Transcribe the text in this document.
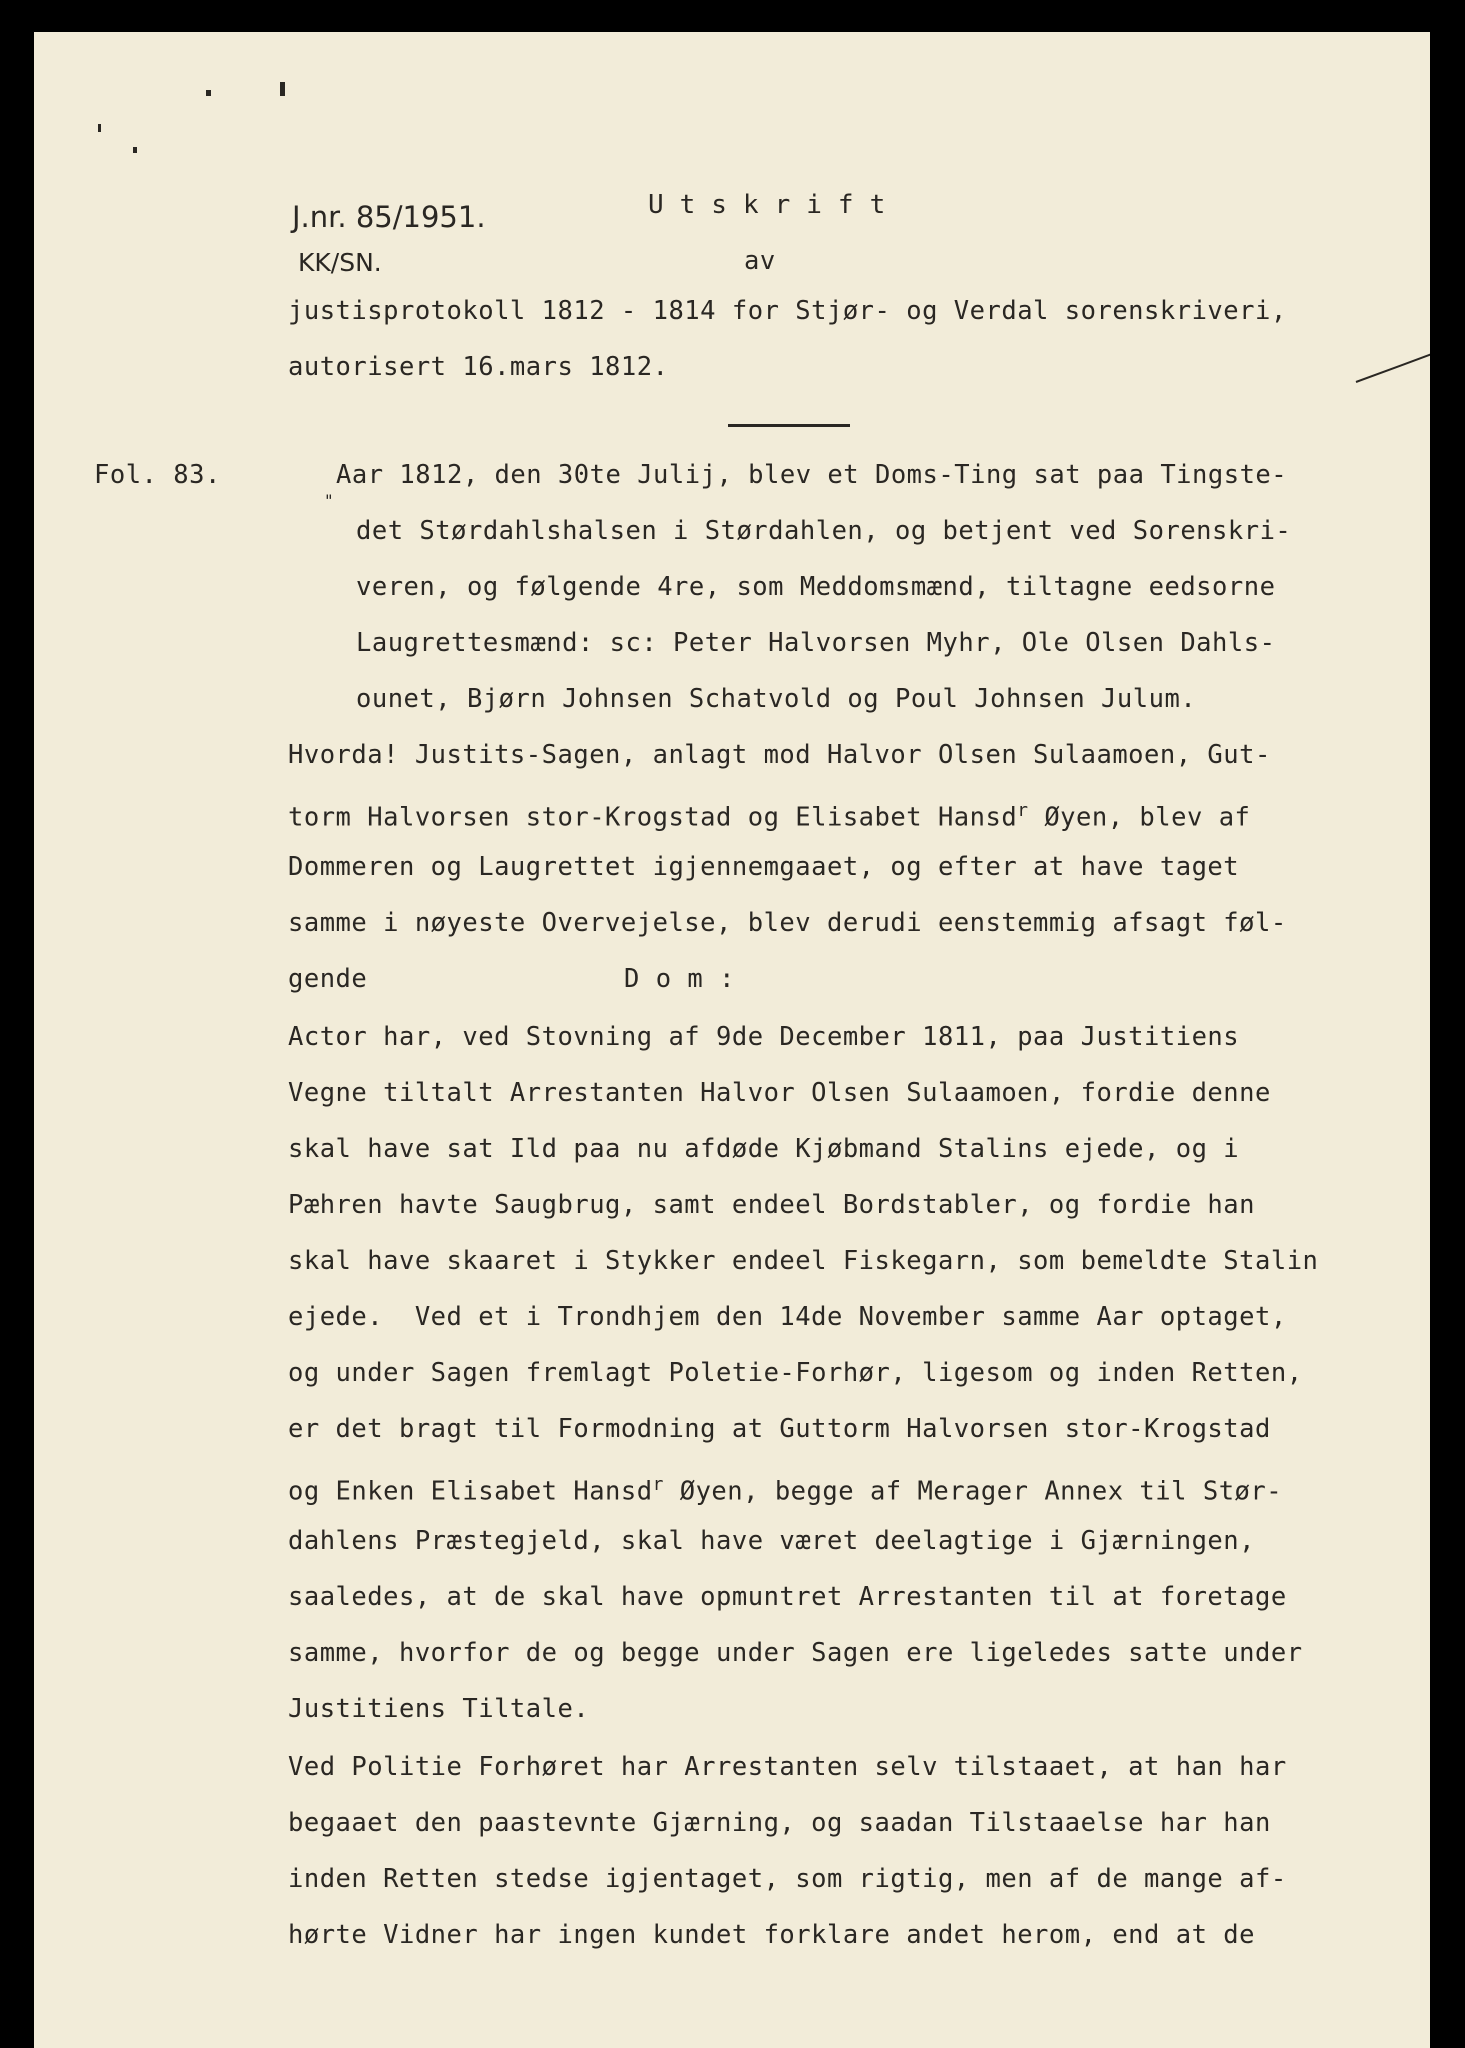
J.nr. 85/1951.	Utskrift
KK/SN.	av
justisprotokoll 1812 - 1814 for Stjør- og Verdal sorenskriveri,
autorisert 16.mars 1812.
Fol. 83.	Aar 1812, den 30te Julij, blev et Doms-Ting sat paa Tingste-
"
det Størdahlshalsen i Størdahlen, og betjent ved Sorenskri-
veren, og følgende 4re, som Meddomsmænd, tiltagne eedsorne
Laugrettesmænd: sc: Peter Halvorsen Myhr, Ole Olsen Dahls-
ounet, Bjørn Johnsen Schatvold og Poul Johnsen Julum.
Hvorda! Justits-Sagen, anlagt mod Halvor Olsen Sulaamoen, Gut-
torm Halvorsen stor-Krogstad og Elisabet Hansd$^r$ Øyen, blev af
Dommeren og Laugrettet igjennemgaaet, og efter at have taget
samme i nøyeste Overvejelse, blev derudi eenstemmig afsagt føl-
gende	D o m :
Actor har, ved Stovning af 9de December 1811, paa Justitiens
Vegne tiltalt Arrestanten Halvor Olsen Sulaamoen, fordie denne
skal have sat Ild paa nu afdøde Kjøbmand Stalins ejede, og i
Pæhren havte Saugbrug, samt endeel Bordstabler, og fordie han
skal have skaaret i Stykker endeel Fiskegarn, som bemeldte Stalin
ejede.  Ved et i Trondhjem den 14de November samme Aar optaget,
og under Sagen fremlagt Poletie-Forhør, ligesom og inden Retten,
er det bragt til Formodning at Guttorm Halvorsen stor-Krogstad
og Enken Elisabet Hansd$^r$ Øyen, begge af Merager Annex til Stør-
dahlens Præstegjeld, skal have været deelagtige i Gjærningen,
saaledes, at de skal have opmuntret Arrestanten til at foretage
samme, hvorfor de og begge under Sagen ere ligeledes satte under
Justitiens Tiltale.
Ved Politie Forhøret har Arrestanten selv tilstaaet, at han har
begaaet den paastevnte Gjærning, og saadan Tilstaaelse har han
inden Retten stedse igjentaget, som rigtig, men af de mange af-
hørte Vidner har ingen kundet forklare andet herom, end at de
